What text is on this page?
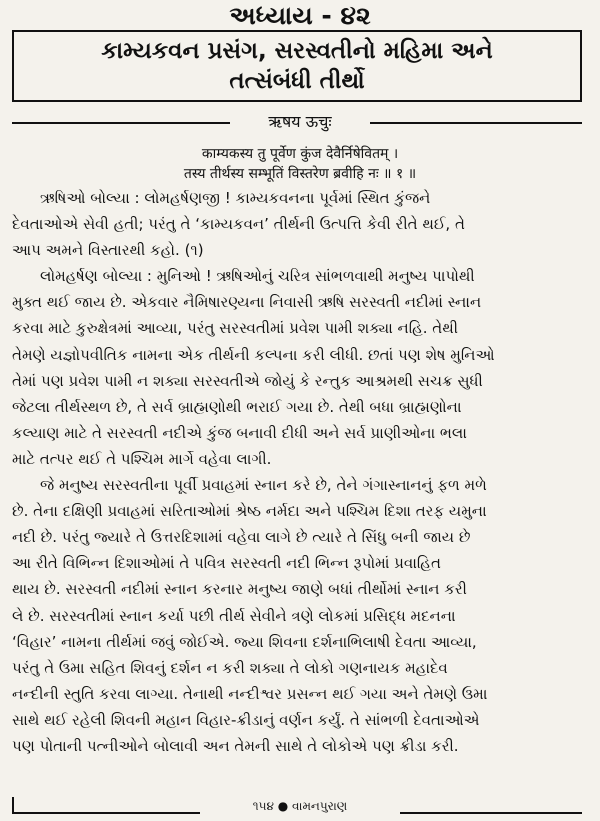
અધ્યાય - ૪૨
કામ્યકવન પ્રસંગ, સરસ્વતીનો મહિમા અને
તત્સંબંધી તીર્થો
ऋषय ऊचुः
काम्यकस्य तु पूर्वेण कुंज देवैर्निषेवितम् ।
तस्य तीर्थस्य सम्भूतिं विस्तरेण ब्रवीहि नः ॥ १ ॥
ઋષિઓ બોલ્યા : લોમહર્ષણજી ! કામ્યકવનના પૂર્વમાં સ્થિત કુંજને
દેવતાઓએ સેવી હતી; પરંતુ તે ‘કામ્યકવન’ તીર્થની ઉત્પત્તિ કેવી રીતે થઈ, તે
આપ અમને વિસ્તારથી કહો. (૧)
લોમહર્ષણ બોલ્યા : મુનિઓ ! ઋષિઓનું ચરિત્ર સાંભળવાથી મનુષ્ય પાપોથી
મુક્ત થઈ જાય છે. એકવાર નૈમિષારણ્યના નિવાસી ઋષિ સરસ્વતી નદીમાં સ્નાન
કરવા માટે કુરુક્ષેત્રમાં આવ્યા, પરંતુ સરસ્વતીમાં પ્રવેશ પામી શક્યા નહિ. તેથી
તેમણે યજ્ઞોપવીતિક નામના એક તીર્થની કલ્પના કરી લીધી. છતાં પણ શેષ મુનિઓ
તેમાં પણ પ્રવેશ પામી ન શક્યા સરસ્વતીએ જોયું કે રન્તુક આશ્રમથી સચક્ર સુધી
જેટલા તીર્થસ્થળ છે, તે સર્વ બ્રાહ્મણોથી ભરાઈ ગયા છે. તેથી બધા બ્રાહ્મણોના
કલ્યાણ માટે તે સરસ્વતી નદીએ કુંજ બનાવી દીધી અને સર્વ પ્રાણીઓના ભલા
માટે તત્પર થઈ તે પશ્ચિમ માર્ગે વહેવા લાગી.
જે મનુષ્ય સરસ્વતીના પૂર્વી પ્રવાહમાં સ્નાન કરે છે, તેને ગંગાસ્નાનનું ફળ મળે
છે. તેના દક્ષિણી પ્રવાહમાં સરિતાઓમાં શ્રેષ્ઠ નર્મદા અને પશ્ચિમ દિશા તરફ યમુના
નદી છે. પરંતુ જ્યારે તે ઉત્તરદિશામાં વહેવા લાગે છે ત્યારે તે સિંધુ બની જાય છે
આ રીતે વિભિન્ન દિશાઓમાં તે પવિત્ર સરસ્વતી નદી ભિન્ન રૂપોમાં પ્રવાહિત
થાય છે. સરસ્વતી નદીમાં સ્નાન કરનાર મનુષ્ય જાણે બધાં તીર્થોમાં સ્નાન કરી
લે છે. સરસ્વતીમાં સ્નાન કર્યા પછી તીર્થ સેવીને ત્રણે લોકમાં પ્રસિદ્ધ મદનના
‘વિહાર’ નામના તીર્થમાં જવું જોઈએ. જ્યા શિવના દર્શનાભિલાષી દેવતા આવ્યા,
પરંતુ તે ઉમા સહિત શિવનું દર્શન ન કરી શક્યા તે લોકો ગણનાયક મહાદેવ
નન્દીની સ્તુતિ કરવા લાગ્યા. તેનાથી નન્દીશ્વર પ્રસન્ન થઈ ગયા અને તેમણે ઉમા
સાથે થઈ રહેલી શિવની મહાન વિહાર-ક્રીડાનું વર્ણન કર્યું. તે સાંભળી દેવતાઓએ
પણ પોતાની પત્નીઓને બોલાવી અન તેમની સાથે તે લોકોએ પણ ક્રીડા કરી.
૧૫૪ ● વામનપુરાણ
